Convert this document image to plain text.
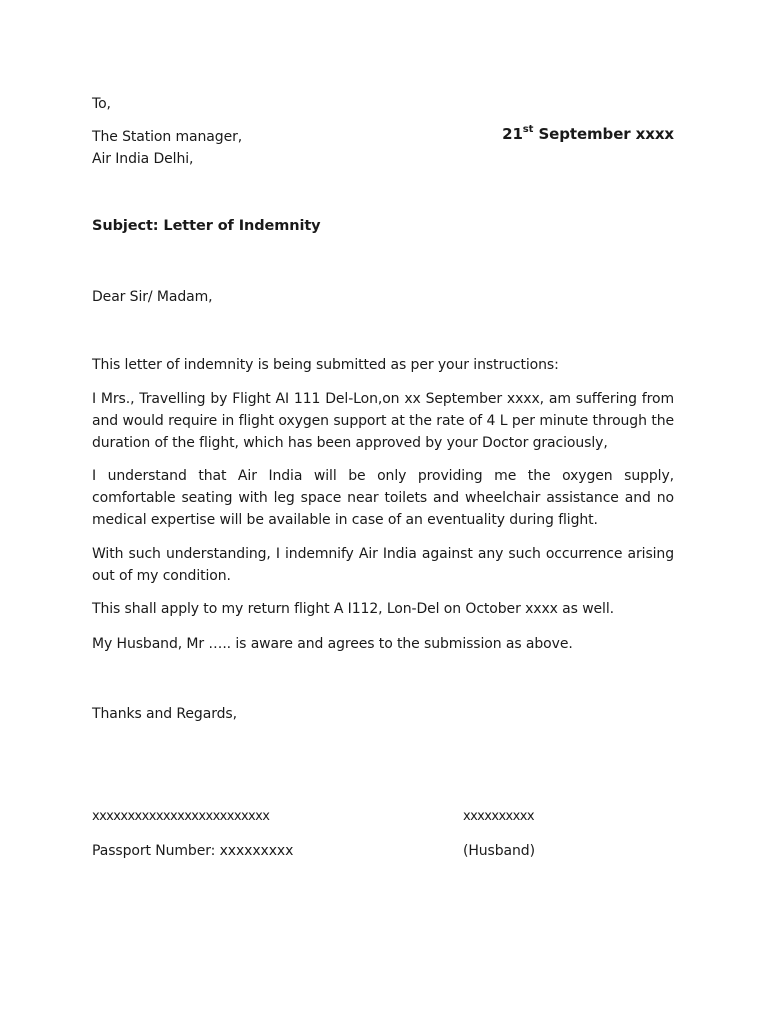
To,
The Station manager,
Air India Delhi,
21st September xxxx
Subject: Letter of Indemnity
Dear Sir/ Madam,
This letter of indemnity is being submitted as per your instructions:
I Mrs., Travelling by Flight AI 111 Del-Lon,on xx September xxxx, am suffering from and would require in flight oxygen support at the rate of 4 L per minute through the duration of the flight, which has been approved by your Doctor graciously,
I understand that Air India will be only providing me the oxygen supply, comfortable seating with leg space near toilets and wheelchair assistance and no medical expertise will be available in case of an eventuality during flight.
With such understanding, I indemnify Air India against any such occurrence arising out of my condition.
This shall apply to my return flight A I112, Lon-Del on October xxxx as well.
My Husband, Mr ….. is aware and agrees to the submission as above.
Thanks and Regards,
xxxxxxxxxxxxxxxxxxxxxxxxx	xxxxxxxxxx
Passport Number: xxxxxxxxx	(Husband)
